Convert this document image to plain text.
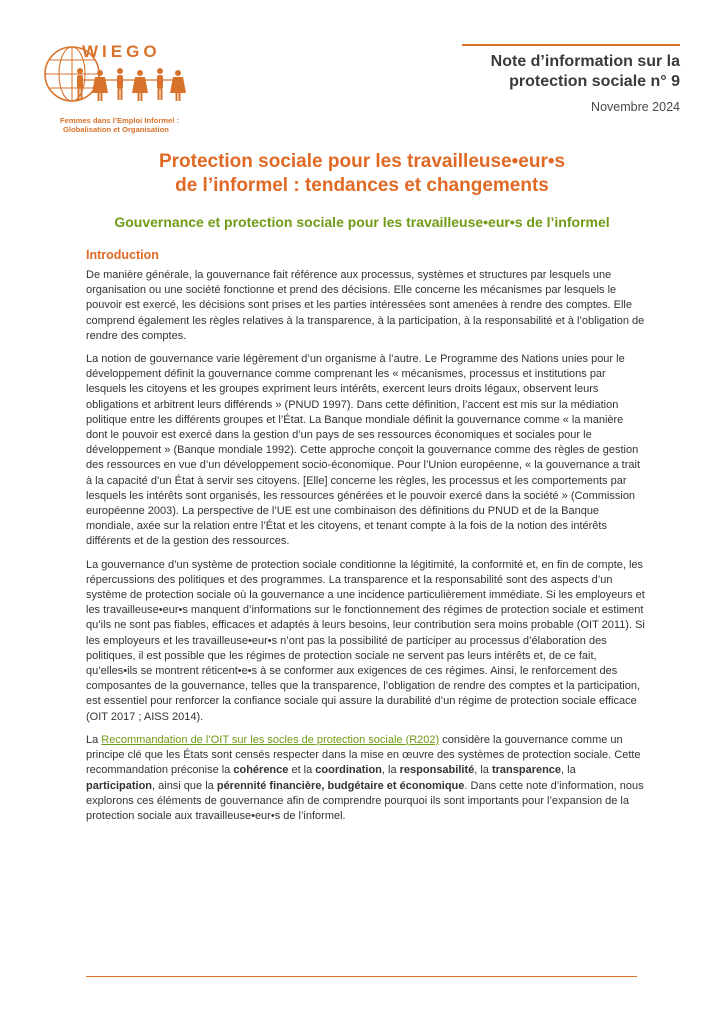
WIEGO
Femmes dans l’Emploi Informel :
Globalisation et Organisation
Note d’information sur la
protection sociale n° 9
Novembre 2024
Protection sociale pour les travailleuse•eur•s
de l’informel : tendances et changements
Gouvernance et protection sociale pour les travailleuse•eur•s de l’informel
Introduction

De manière générale, la gouvernance fait référence aux processus, systèmes et structures par lesquels une organisation ou une société fonctionne et prend des décisions. Elle concerne les mécanismes par lesquels le pouvoir est exercé, les décisions sont prises et les parties intéressées sont amenées à rendre des comptes. Elle comprend également les règles relatives à la transparence, à la participation, à la responsabilité et à l’obligation de rendre des comptes.

La notion de gouvernance varie légèrement d’un organisme à l’autre. Le Programme des Nations unies pour le développement définit la gouvernance comme comprenant les « mécanismes, processus et institutions par lesquels les citoyens et les groupes expriment leurs intérêts, exercent leurs droits légaux, observent leurs obligations et arbitrent leurs différends » (PNUD 1997). Dans cette définition, l’accent est mis sur la médiation politique entre les différents groupes et l’État. La Banque mondiale définit la gouvernance comme « la manière dont le pouvoir est exercé dans la gestion d’un pays de ses ressources économiques et sociales pour le développement » (Banque mondiale 1992). Cette approche conçoit la gouvernance comme des règles de gestion des ressources en vue d’un développement socio-économique. Pour l’Union européenne, « la gouvernance a trait à la capacité d’un État à servir ses citoyens. [Elle] concerne les règles, les processus et les comportements par lesquels les intérêts sont organisés, les ressources générées et le pouvoir exercé dans la société » (Commission européenne 2003). La perspective de l’UE est une combinaison des définitions du PNUD et de la Banque mondiale, axée sur la relation entre l’État et les citoyens, et tenant compte à la fois de la notion des intérêts différents et de la gestion des ressources.

La gouvernance d’un système de protection sociale conditionne la légitimité, la conformité et, en fin de compte, les répercussions des politiques et des programmes. La transparence et la responsabilité sont des aspects d’un système de protection sociale où la gouvernance a une incidence particulièrement immédiate. Si les employeurs et les travailleuse•eur•s manquent d’informations sur le fonctionnement des régimes de protection sociale et estiment qu’ils ne sont pas fiables, efficaces et adaptés à leurs besoins, leur contribution sera moins probable (OIT 2011). Si les employeurs et les travailleuse•eur•s n’ont pas la possibilité de participer au processus d’élaboration des politiques, il est possible que les régimes de protection sociale ne servent pas leurs intérêts et, de ce fait, qu’elles•ils se montrent réticent•e•s à se conformer aux exigences de ces régimes. Ainsi, le renforcement des composantes de la gouvernance, telles que la transparence, l’obligation de rendre des comptes et la participation, est essentiel pour renforcer la confiance sociale qui assure la durabilité d’un régime de protection sociale efficace (OIT 2017 ; AISS 2014).

La Recommandation de l’OIT sur les socles de protection sociale (R202) considère la gouvernance comme un principe clé que les États sont censés respecter dans la mise en œuvre des systèmes de protection sociale. Cette recommandation préconise la cohérence et la coordination, la responsabilité, la transparence, la participation, ainsi que la pérennité financière, budgétaire et économique. Dans cette note d’information, nous explorons ces éléments de gouvernance afin de comprendre pourquoi ils sont importants pour l’expansion de la protection sociale aux travailleuse•eur•s de l’informel.
